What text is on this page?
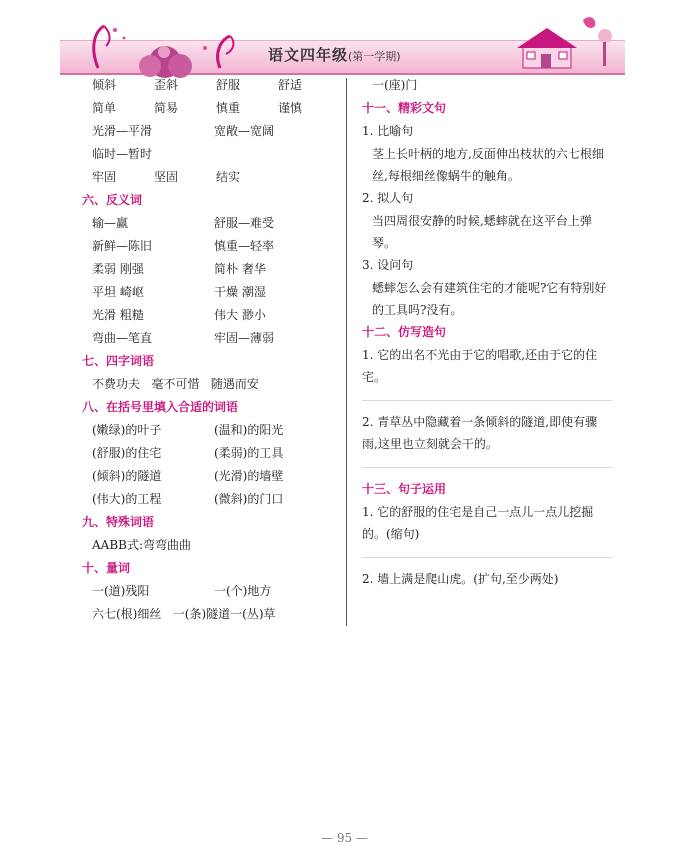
语文四年级(第一学期)
倾斜	歪斜	舒服	舒适
简单	简易	慎重	谨慎
光滑—平滑	宽敞—宽阔
临时—暂时
牢固	坚固	结实
六、反义词
输—赢	舒服—难受
新鲜—陈旧	慎重—轻率
柔弱 刚强	简朴 奢华
平坦 崎岖	干燥 潮湿
光滑 粗糙	伟大 渺小
弯曲—笔直	牢固—薄弱
七、四字词语
不费功夫   毫不可惜   随遇而安
八、在括号里填入合适的词语
(嫩绿)的叶子	(温和)的阳光
(舒服)的住宅	(柔弱)的工具
(倾斜)的隧道	(光滑)的墙壁
(伟大)的工程	(微斜)的门口
九、特殊词语
AABB式:弯弯曲曲
十、量词
一(道)残阳	一(个)地方
六七(根)细丝   一(条)隧道一(丛)草
一(座)门
十一、精彩文句
1. 比喻句
茎上长叶柄的地方,反面伸出枝状的六七根细丝,每根细丝像蜗牛的触角。
2. 拟人句
当四周很安静的时候,蟋蟀就在这平台上弹琴。
3. 设问句
蟋蟀怎么会有建筑住宅的才能呢?它有特别好的工具吗?没有。
十二、仿写造句
1. 它的出名不光由于它的唱歌,还由于它的住宅。
2. 青草丛中隐藏着一条倾斜的隧道,即使有骤雨,这里也立刻就会干的。
十三、句子运用
1. 它的舒服的住宅是自己一点儿一点儿挖掘的。(缩句)
2. 墙上满是爬山虎。(扩句,至少两处)
— 95 —
